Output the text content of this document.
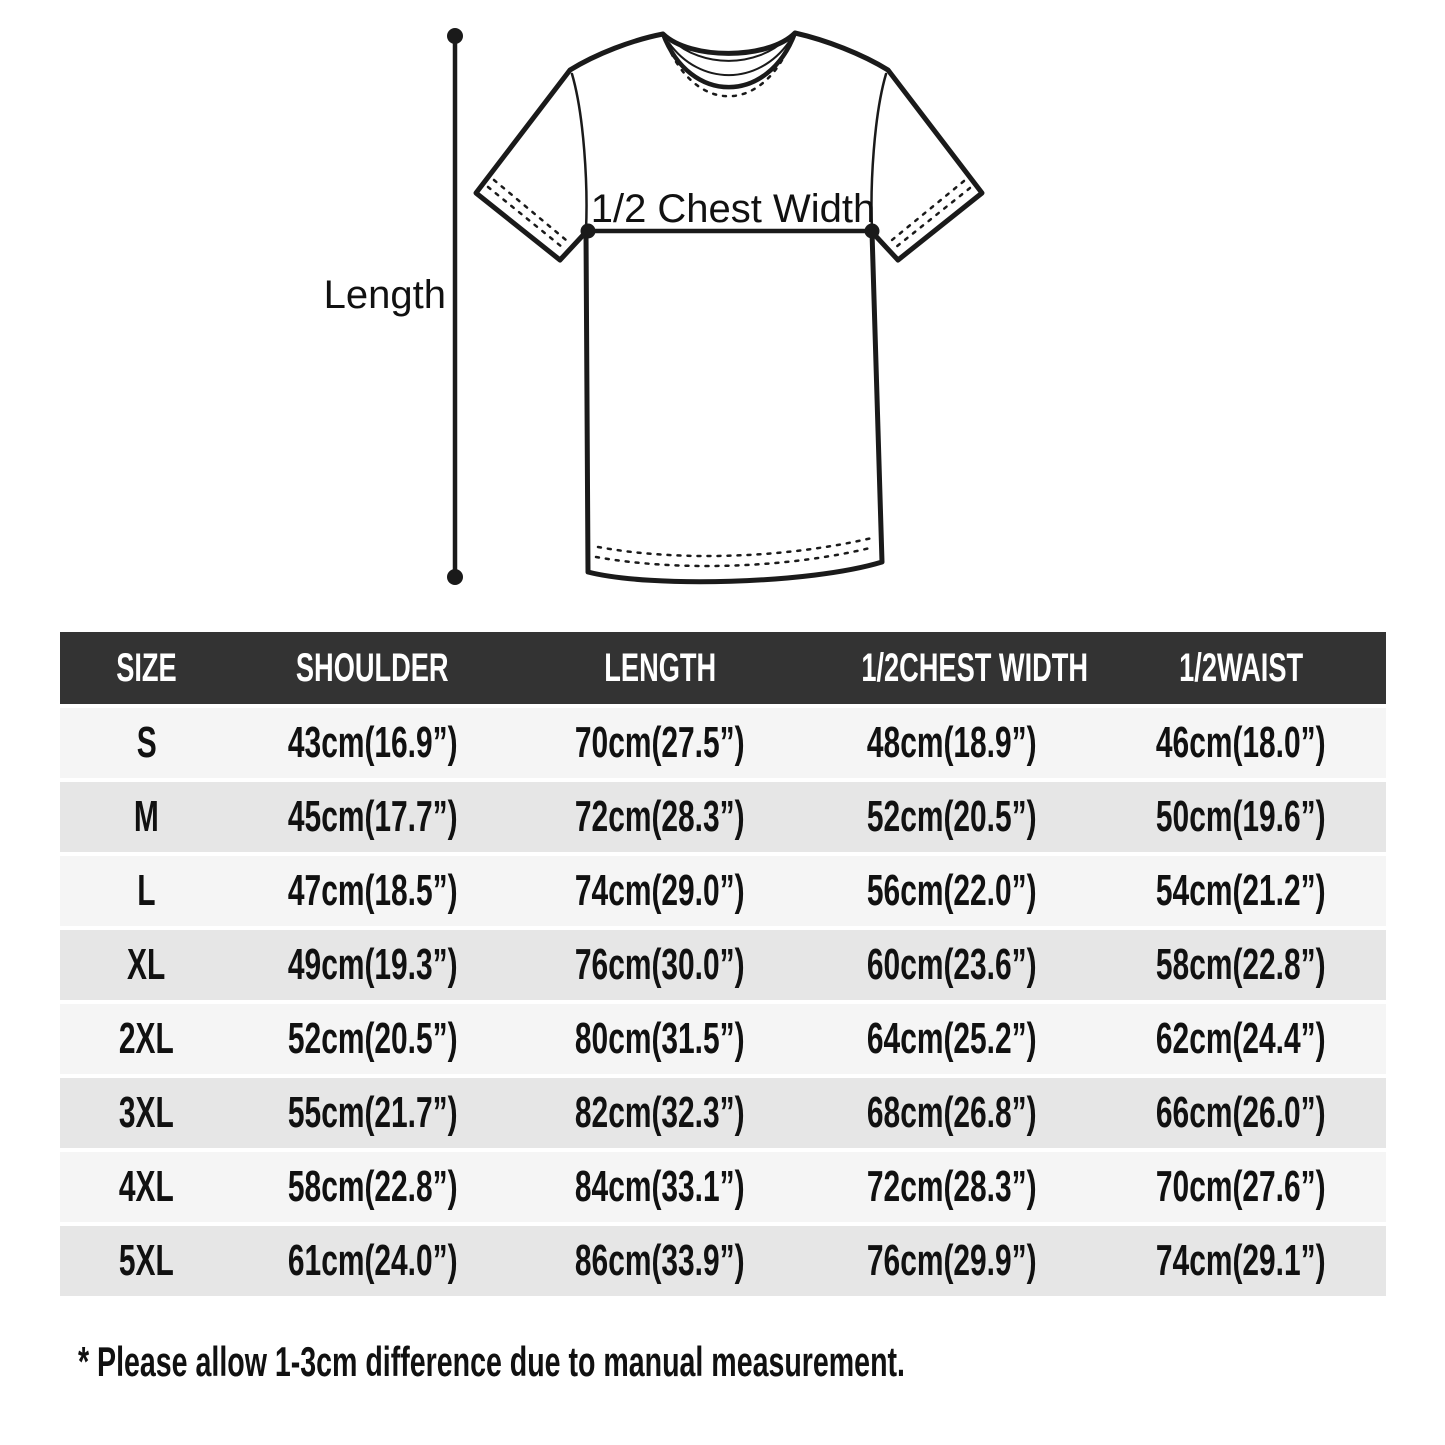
1/2 Chest Width
Length
SIZE	SHOULDER	LENGTH	1/2CHEST WIDTH	1/2WAIST
S	43cm(16.9”)	70cm(27.5”)	48cm(18.9”)	46cm(18.0”)
M	45cm(17.7”)	72cm(28.3”)	52cm(20.5”)	50cm(19.6”)
L	47cm(18.5”)	74cm(29.0”)	56cm(22.0”)	54cm(21.2”)
XL	49cm(19.3”)	76cm(30.0”)	60cm(23.6”)	58cm(22.8”)
2XL	52cm(20.5”)	80cm(31.5”)	64cm(25.2”)	62cm(24.4”)
3XL	55cm(21.7”)	82cm(32.3”)	68cm(26.8”)	66cm(26.0”)
4XL	58cm(22.8”)	84cm(33.1”)	72cm(28.3”)	70cm(27.6”)
5XL	61cm(24.0”)	86cm(33.9”)	76cm(29.9”)	74cm(29.1”)
* Please allow 1-3cm difference due to manual measurement.
